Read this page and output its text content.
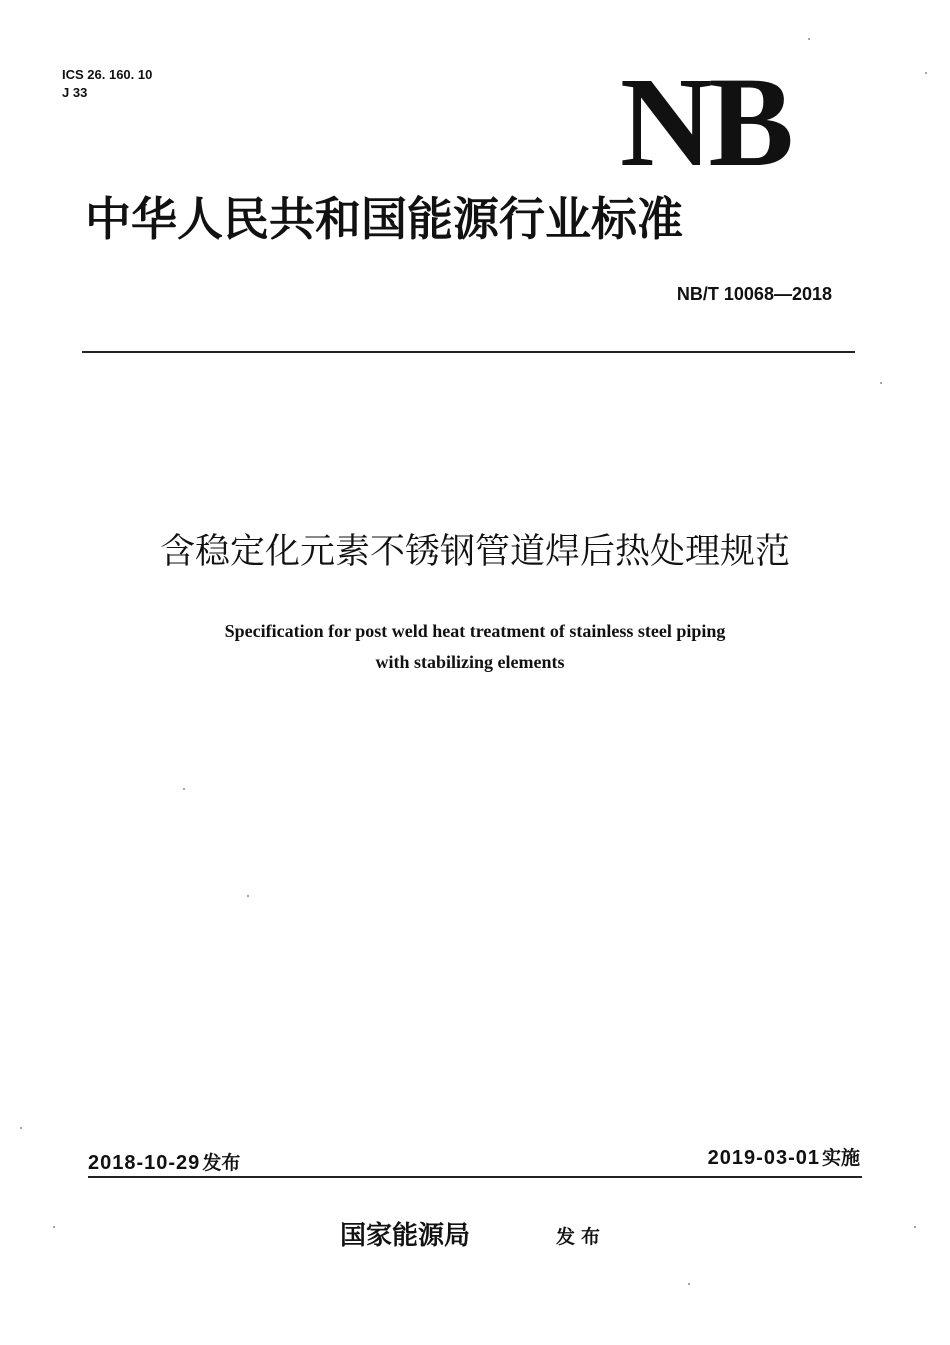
ICS 26. 160. 10
J 33	NB
中华人民共和国能源行业标准
NB/T 10068—2018
含稳定化元素不锈钢管道焊后热处理规范
Specification for post weld heat treatment of stainless steel piping
with stabilizing elements
2018-10-29 发布	2019-03-01 实施
国家能源局	发布
